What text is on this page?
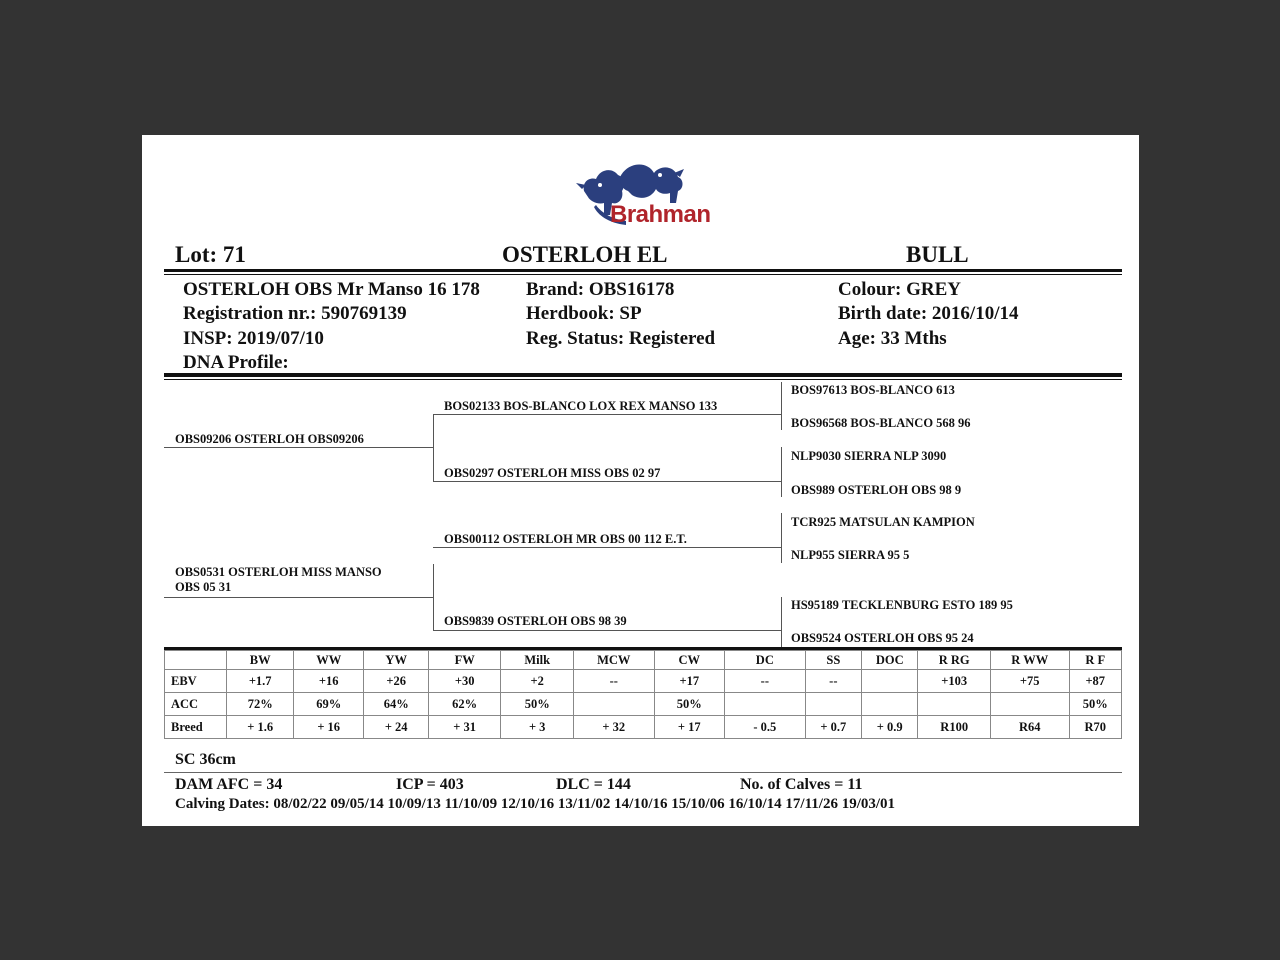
Brahman
Lot: 71	OSTERLOH EL	BULL
OSTERLOH OBS Mr Manso 16 178
Registration nr.: 590769139
INSP: 2019/07/10
DNA Profile:
Brand: OBS16178
Herdbook: SP
Reg. Status: Registered
Colour: GREY
Birth date: 2016/10/14
Age: 33 Mths
OBS09206 OSTERLOH OBS09206
OBS0531 OSTERLOH MISS MANSO
OBS 05 31
BOS02133 BOS-BLANCO LOX REX MANSO 133
OBS0297 OSTERLOH MISS OBS 02 97
OBS00112 OSTERLOH MR OBS 00 112 E.T.
OBS9839 OSTERLOH OBS 98 39
BOS97613 BOS-BLANCO 613
BOS96568 BOS-BLANCO 568 96
NLP9030 SIERRA NLP 3090
OBS989 OSTERLOH OBS 98 9
TCR925 MATSULAN KAMPION
NLP955 SIERRA 95 5
HS95189 TECKLENBURG ESTO 189 95
OBS9524 OSTERLOH OBS 95 24
	BW	WW	YW	FW	Milk	MCW	CW	DC	SS	DOC	R RG	R WW	R F
EBV	+1.7	+16	+26	+30	+2	--	+17	--	--		+103	+75	+87
ACC	72%	69%	64%	62%	50%		50%						50%
Breed	+ 1.6	+ 16	+ 24	+ 31	+ 3	+ 32	+ 17	- 0.5	+ 0.7	+ 0.9	R100	R64	R70
SC 36cm
DAM AFC = 34	ICP = 403	DLC = 144	No. of Calves = 11
Calving Dates: 08/02/22 09/05/14 10/09/13 11/10/09 12/10/16 13/11/02 14/10/16 15/10/06 16/10/14 17/11/26 19/03/01
